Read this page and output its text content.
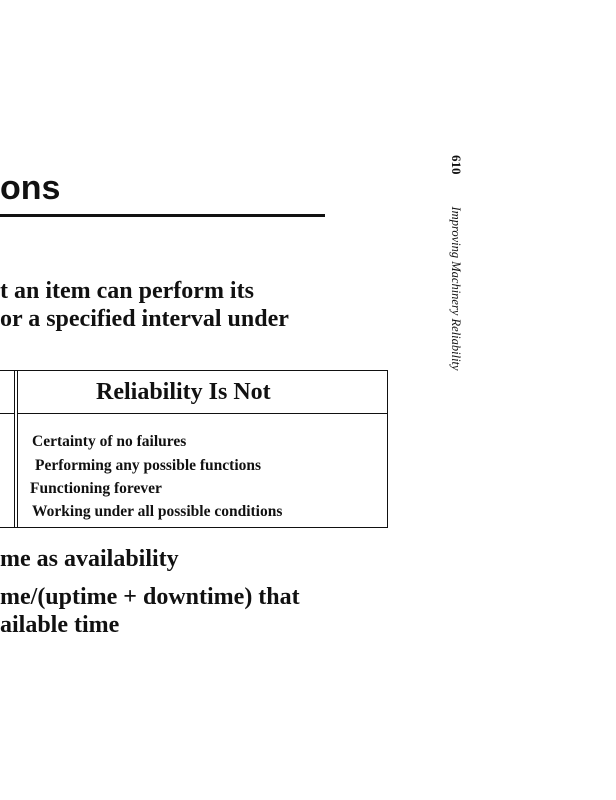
ons
t an item can perform its
or a specified interval under
Reliability Is Not
Certainty of no failures
Performing any possible functions
Functioning forever
Working under all possible conditions
me as availability
me/(uptime + downtime) that
ailable time
610 Improving Machinery Reliability
